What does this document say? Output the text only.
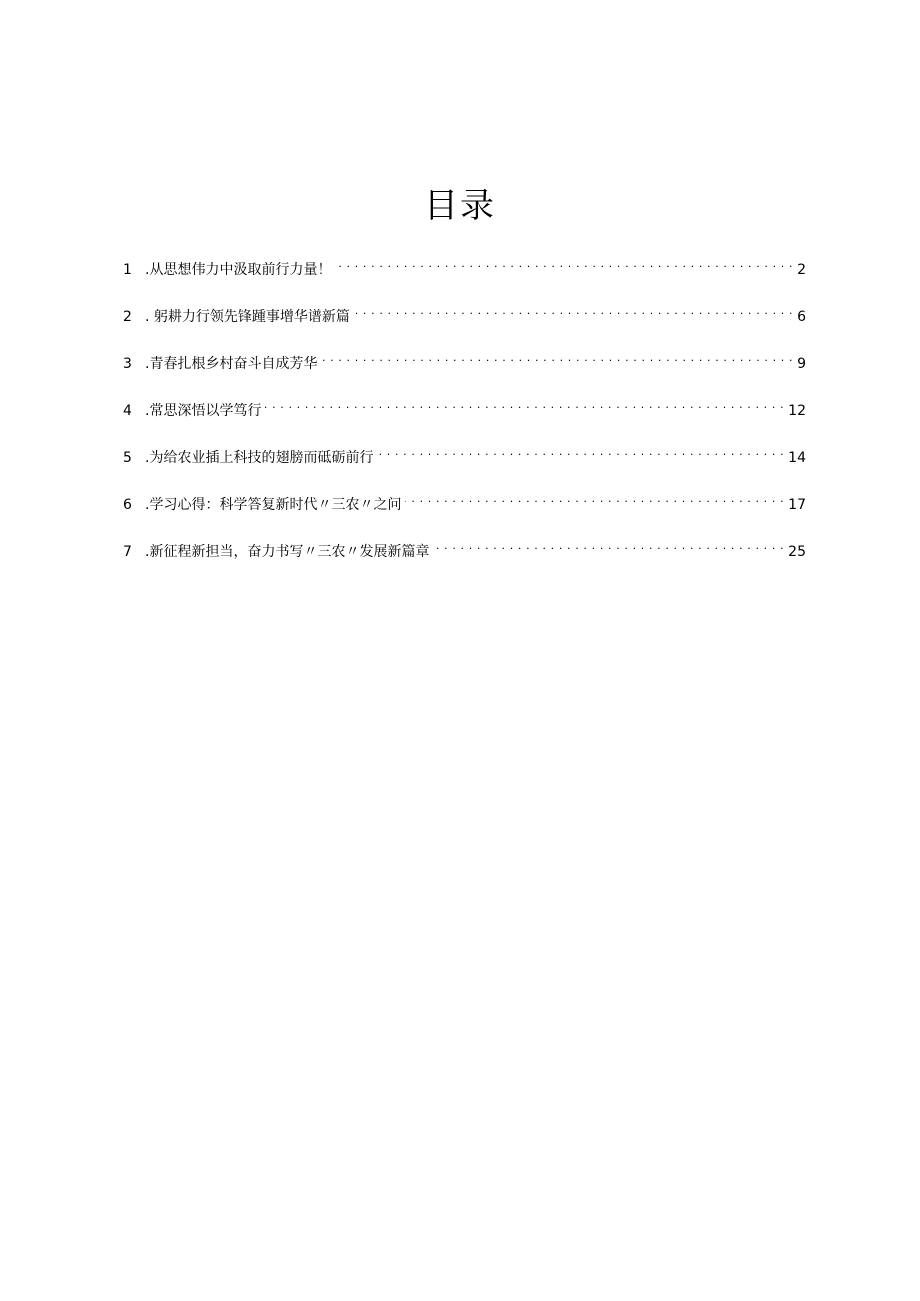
目录
1 .从思想伟力中汲取前行力量！ . . .	2
2 . 躬耕力行领先锋踵事增华谱新篇 . . .	6
3 .青春扎根乡村奋斗自成芳华 . . .	9
4 .常思深悟以学笃行 . . .	12
5 .为给农业插上科技的翅膀而砥砺前行 . . .	14
6 .学习心得：科学答复新时代〃三农〃之问 . . .	17
7 .新征程新担当，奋力书写〃三农〃发展新篇章 . . .	25
